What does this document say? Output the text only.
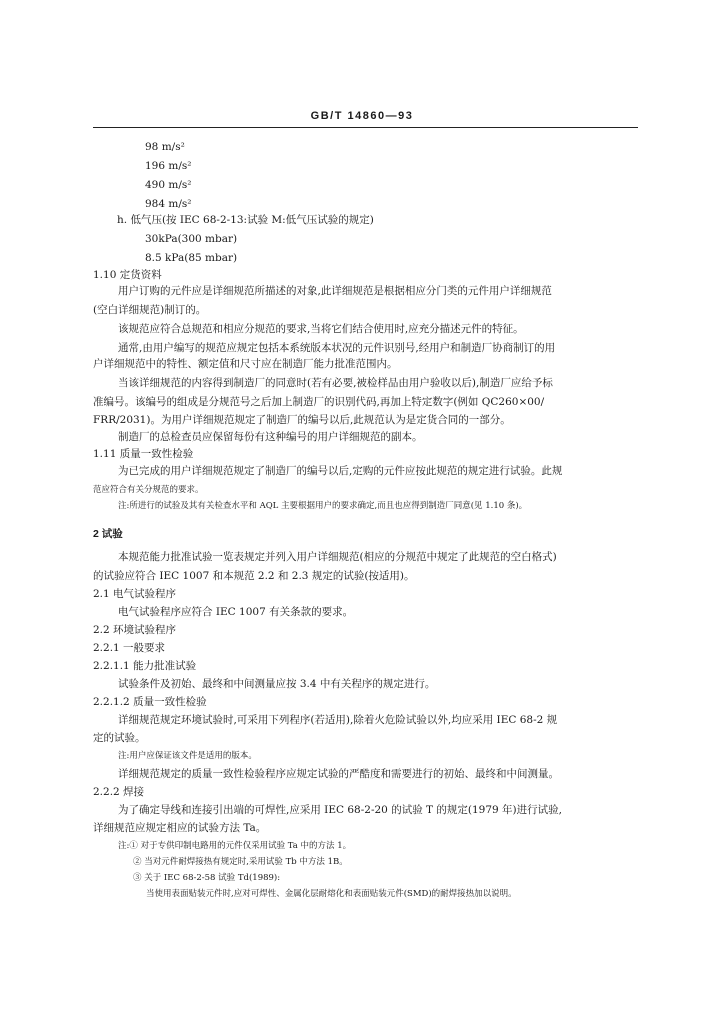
GB/T 14860—93
98 m/s²
196 m/s²
490 m/s²
984 m/s²
h. 低气压(按 IEC 68-2-13:试验 M:低气压试验的规定)
30kPa(300 mbar)
8.5 kPa(85 mbar)
1.10 定货资料
用户订购的元件应是详细规范所描述的对象,此详细规范是根据相应分门类的元件用户详细规范
(空白详细规范)制订的。
该规范应符合总规范和相应分规范的要求,当将它们结合使用时,应充分描述元件的特征。
通常,由用户编写的规范应规定包括本系统版本状况的元件识别号,经用户和制造厂协商制订的用
户详细规范中的特性、额定值和尺寸应在制造厂能力批准范围内。
当该详细规范的内容得到制造厂的同意时(若有必要,被检样品由用户验收以后),制造厂应给予标
准编号。该编号的组成是分规范号之后加上制造厂的识别代码,再加上特定数字(例如 QC260×00/
FRR/2031)。为用户详细规范规定了制造厂的编号以后,此规范认为是定货合同的一部分。
制造厂的总检查员应保留每份有这种编号的用户详细规范的副本。
1.11 质量一致性检验
为已完成的用户详细规范规定了制造厂的编号以后,定购的元件应按此规范的规定进行试验。此规
范应符合有关分规范的要求。
注:所进行的试验及其有关检查水平和 AQL 主要根据用户的要求确定,而且也应得到制造厂同意(见 1.10 条)。
2 试验
本规范能力批准试验一览表规定并列入用户详细规范(相应的分规范中规定了此规范的空白格式)
的试验应符合 IEC 1007 和本规范 2.2 和 2.3 规定的试验(按适用)。
2.1 电气试验程序
电气试验程序应符合 IEC 1007 有关条款的要求。
2.2 环境试验程序
2.2.1 一般要求
2.2.1.1 能力批准试验
试验条件及初始、最终和中间测量应按 3.4 中有关程序的规定进行。
2.2.1.2 质量一致性检验
详细规范规定环境试验时,可采用下列程序(若适用),除着火危险试验以外,均应采用 IEC 68-2 规
定的试验。
注:用户应保证该文件是适用的版本。
详细规范规定的质量一致性检验程序应规定试验的严酷度和需要进行的初始、最终和中间测量。
2.2.2 焊接
为了确定导线和连接引出端的可焊性,应采用 IEC 68-2-20 的试验 T 的规定(1979 年)进行试验,
详细规范应规定相应的试验方法 Ta。
注:① 对于专供印制电路用的元件仅采用试验 Ta 中的方法 1。
② 当对元件耐焊接热有规定时,采用试验 Tb 中方法 1B。
③ 关于 IEC 68-2-58 试验 Td(1989):
当使用表面贴装元件时,应对可焊性、金属化层耐熔化和表面贴装元件(SMD)的耐焊接热加以说明。
